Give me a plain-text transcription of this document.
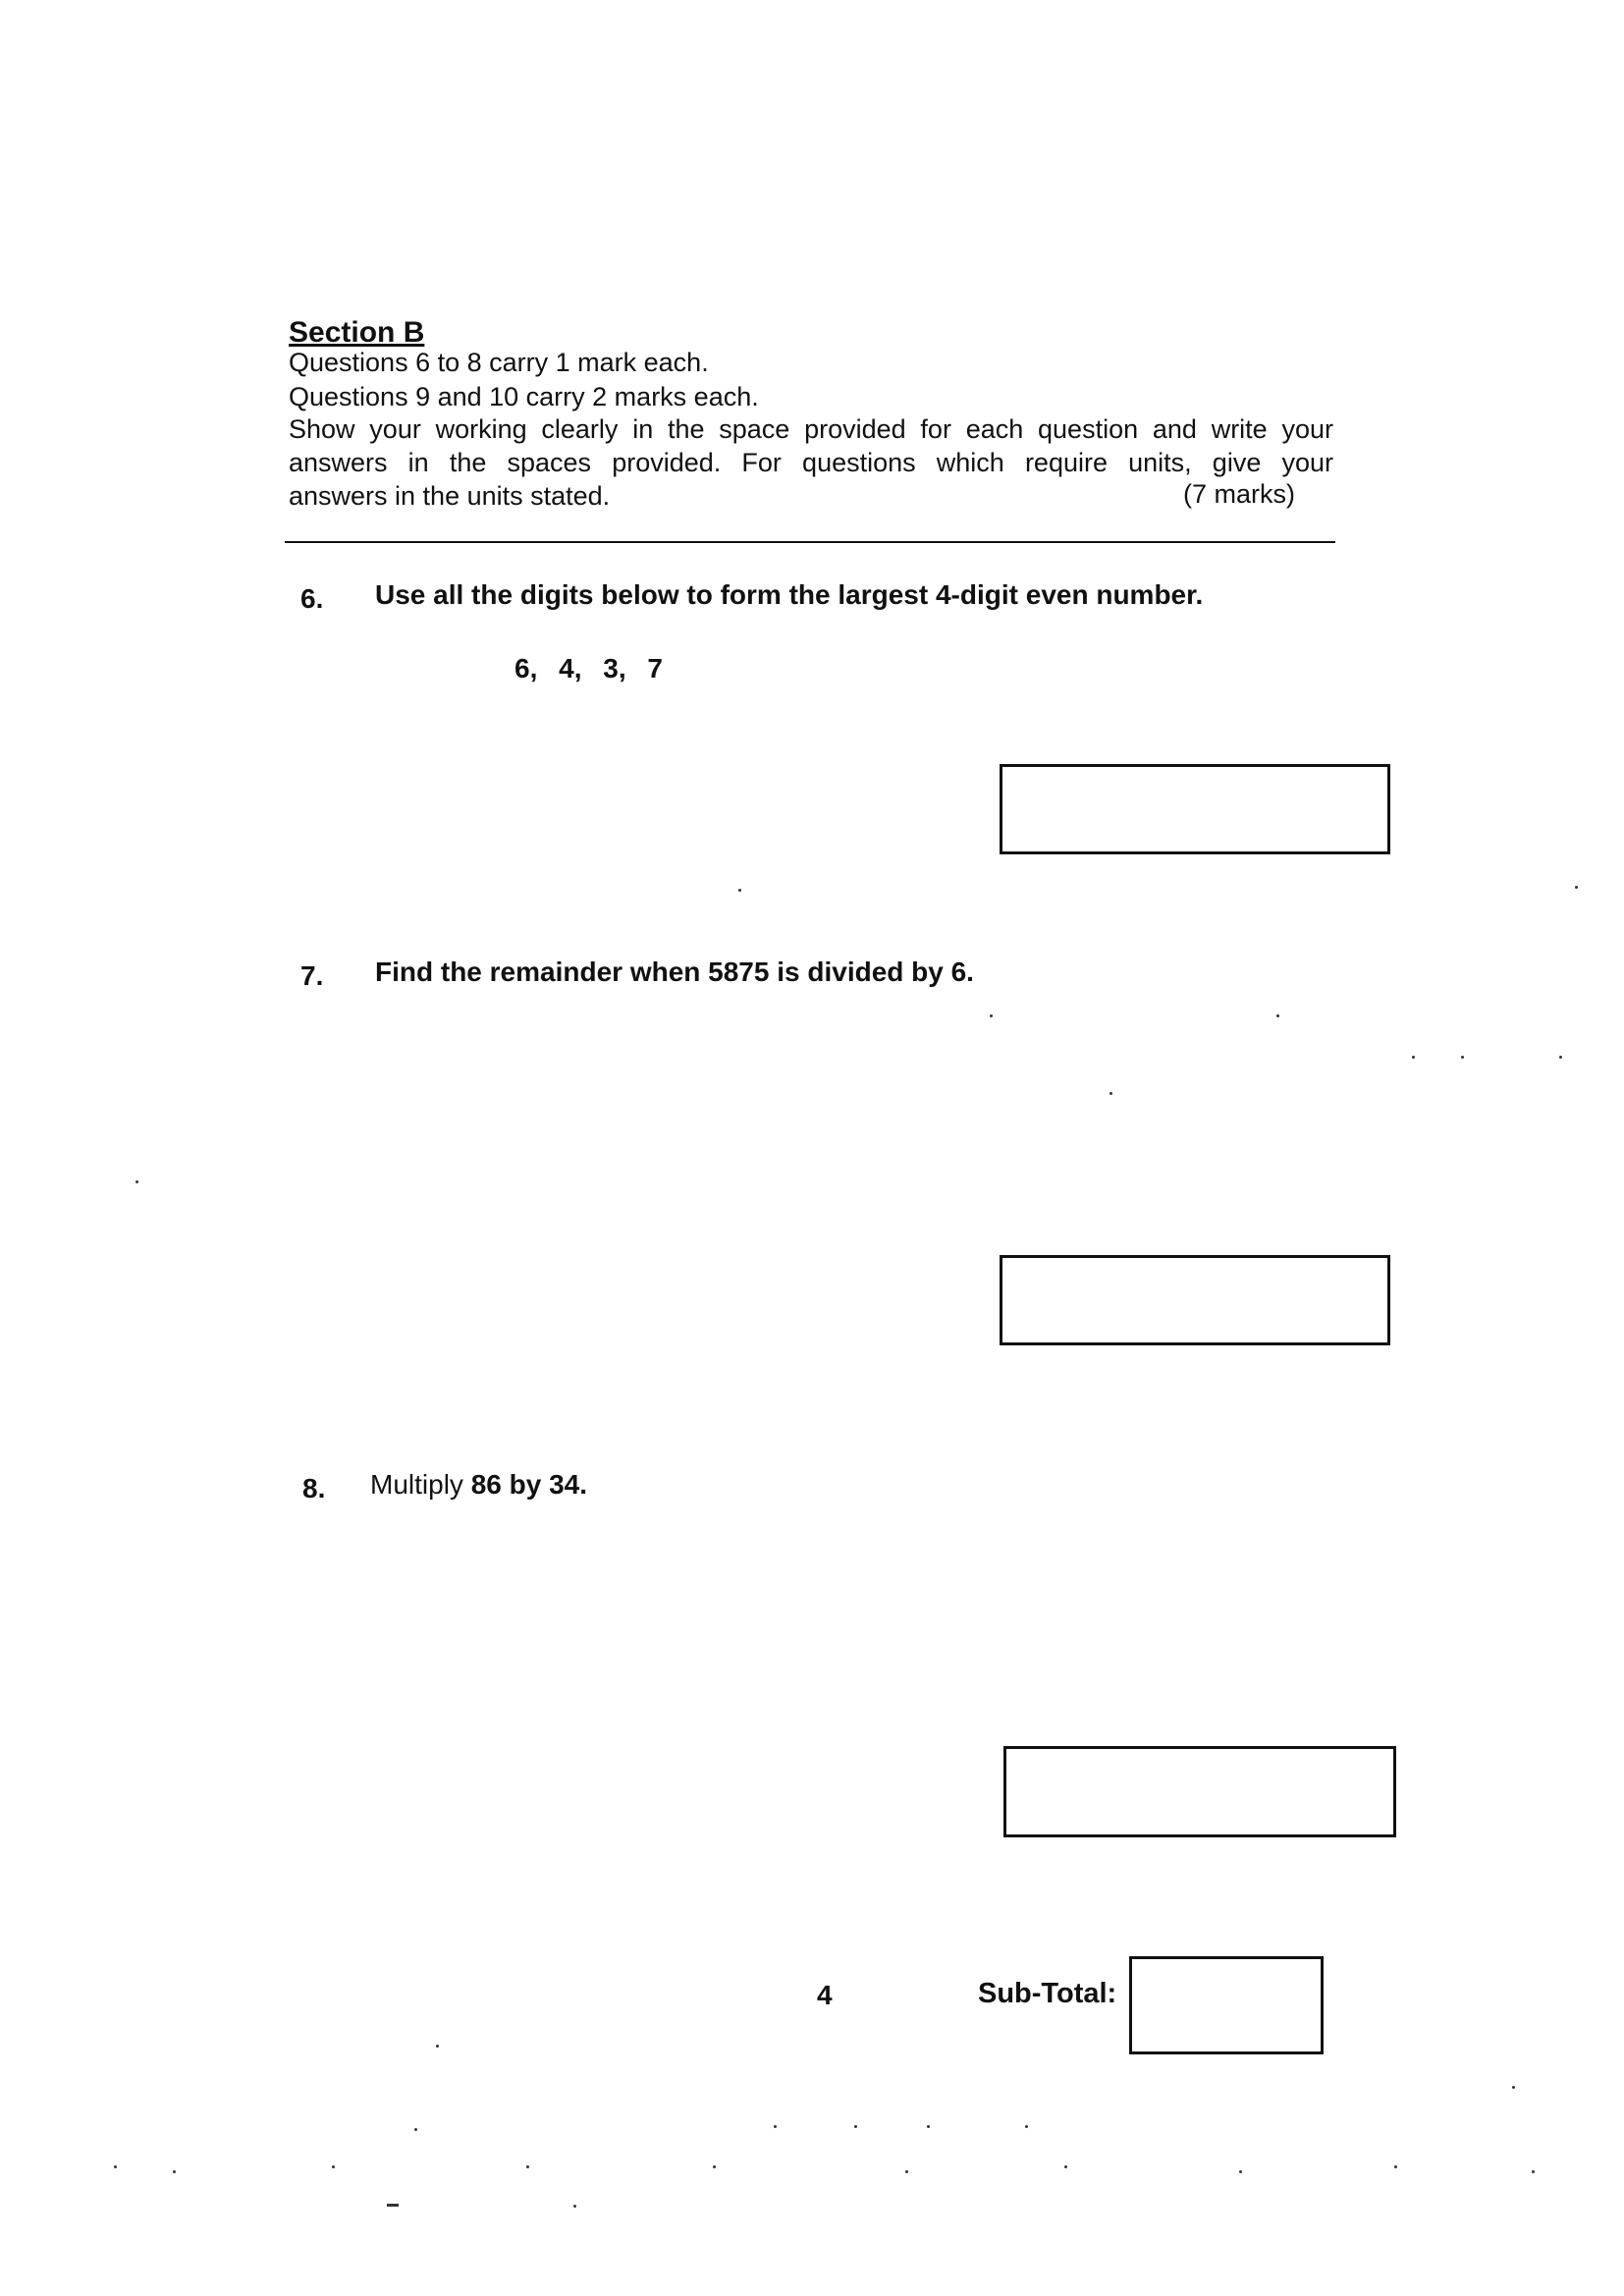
Section B
Questions 6 to 8 carry 1 mark each.
Questions 9 and 10 carry 2 marks each.
Show your working clearly in the space provided for each question and write your
answers in the spaces provided. For questions which require units, give your
answers in the units stated.	(7 marks)
6. Use all the digits below to form the largest 4-digit even number.
6, 4, 3, 7
7. Find the remainder when 5875 is divided by 6.
8. Multiply 86 by 34.
4	Sub-Total:
